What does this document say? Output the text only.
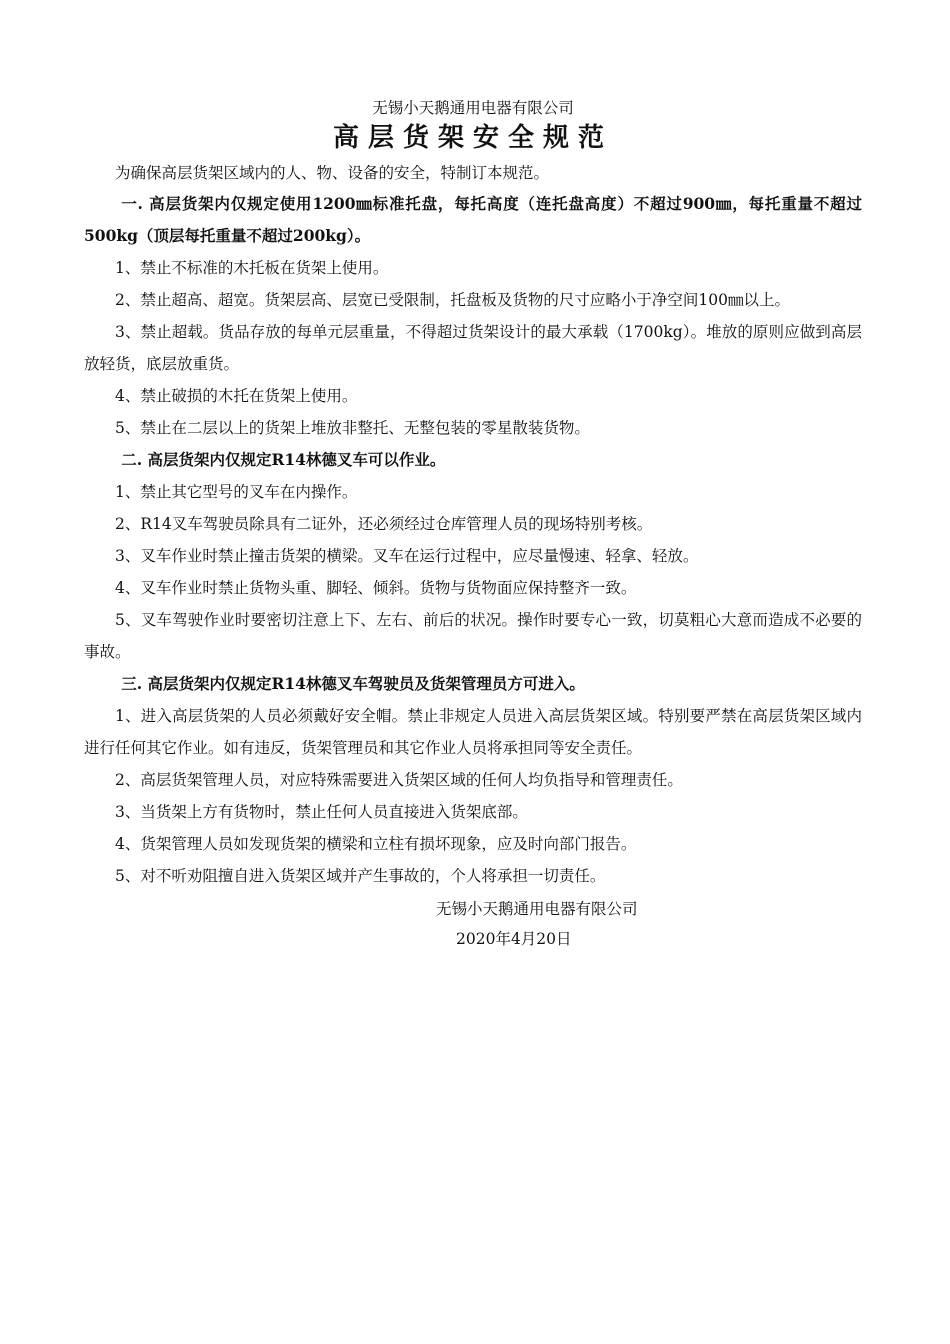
无锡小天鹅通用电器有限公司

高层货架安全规范

为确保高层货架区域内的人、物、设备的安全，特制订本规范。

一. 高层货架内仅规定使用1200㎜标准托盘，每托高度（连托盘高度）不超过900㎜，每托重量不超过500kg（顶层每托重量不超过200kg）。

1、禁止不标准的木托板在货架上使用。

2、禁止超高、超宽。货架层高、层宽已受限制，托盘板及货物的尺寸应略小于净空间100㎜以上。

3、禁止超载。货品存放的每单元层重量，不得超过货架设计的最大承载（1700kg）。堆放的原则应做到高层放轻货，底层放重货。

4、禁止破损的木托在货架上使用。

5、禁止在二层以上的货架上堆放非整托、无整包装的零星散装货物。

二. 高层货架内仅规定R14林德叉车可以作业。

1、禁止其它型号的叉车在内操作。

2、R14叉车驾驶员除具有二证外，还必须经过仓库管理人员的现场特别考核。

3、叉车作业时禁止撞击货架的横梁。叉车在运行过程中，应尽量慢速、轻拿、轻放。

4、叉车作业时禁止货物头重、脚轻、倾斜。货物与货物面应保持整齐一致。

5、叉车驾驶作业时要密切注意上下、左右、前后的状况。操作时要专心一致，切莫粗心大意而造成不必要的事故。

三. 高层货架内仅规定R14林德叉车驾驶员及货架管理员方可进入。

1、进入高层货架的人员必须戴好安全帽。禁止非规定人员进入高层货架区域。特别要严禁在高层货架区域内进行任何其它作业。如有违反，货架管理员和其它作业人员将承担同等安全责任。

2、高层货架管理人员，对应特殊需要进入货架区域的任何人均负指导和管理责任。

3、当货架上方有货物时，禁止任何人员直接进入货架底部。

4、货架管理人员如发现货架的横梁和立柱有损坏现象，应及时向部门报告。

5、对不听劝阻擅自进入货架区域并产生事故的，个人将承担一切责任。

无锡小天鹅通用电器有限公司
2020年4月20日
